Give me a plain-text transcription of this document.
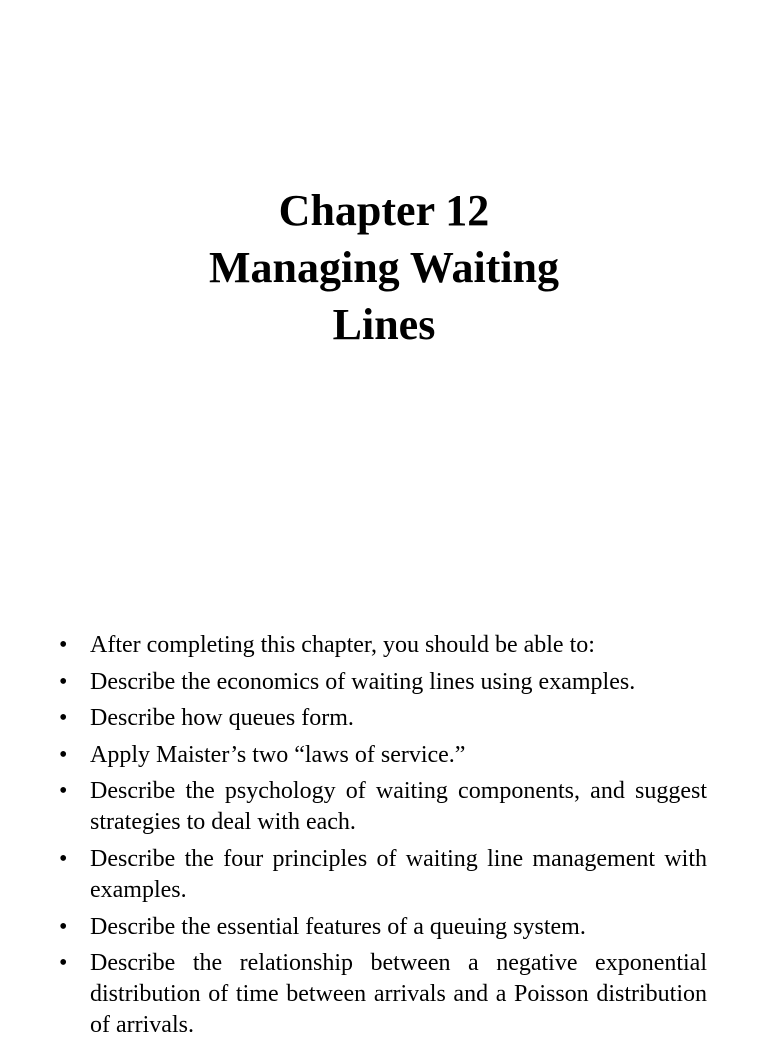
Chapter 12
Managing Waiting
Lines
• After completing this chapter, you should be able to:
• Describe the economics of waiting lines using examples.
• Describe how queues form.
• Apply Maister’s two “laws of service.”
• Describe the psychology of waiting components, and suggest strategies to deal with each.
• Describe the four principles of waiting line management with examples.
• Describe the essential features of a queuing system.
• Describe the relationship between a negative exponential distribution of time between arrivals and a Poisson distribution of arrivals.
